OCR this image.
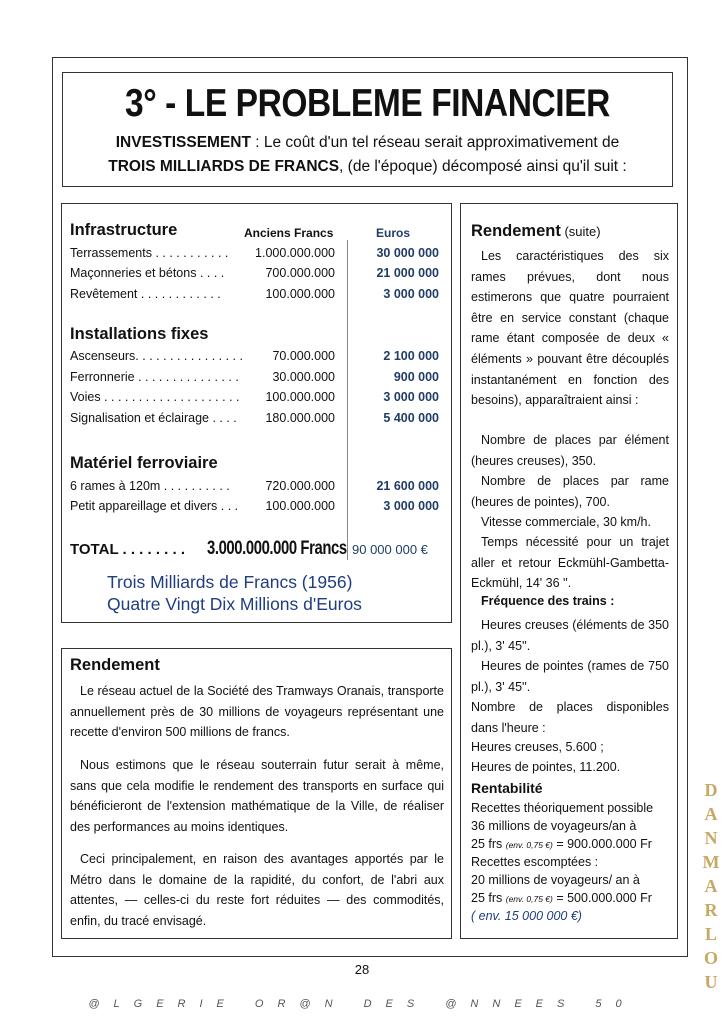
3° - LE PROBLEME FINANCIER
INVESTISSEMENT : Le coût d'un tel réseau serait approximativement de
TROIS MILLIARDS DE FRANCS, (de l'époque) décomposé ainsi qu'il suit :
Infrastructure	Anciens Francs	Euros
Terrassements . . . . . . . . . . . 1.000.000.000	30 000 000
Maçonneries et bétons . . . .	700.000.000	21 000 000
Revêtement . . . . . . . . . . . .	100.000.000	3 000 000
Installations fixes
Ascenseurs. . . . . . . . . . . . . . . . 70.000.000	2 100 000
Ferronnerie . . . . . . . . . . . . . . .	30.000.000	900 000
Voies . . . . . . . . . . . . . . . . . . . . 100.000.000	3 000 000
Signalisation et éclairage . . . . 180.000.000	5 400 000
Matériel ferroviaire
6 rames à 120m . . . . . . . . . .	720.000.000	21 600 000
Petit appareillage et divers . . . 100.000.000	3 000 000
TOTAL . . . . . . . . 3.000.000.000 Francs 90 000 000 €
Trois Milliards de Francs (1956)
Quatre Vingt Dix Millions d'Euros
Rendement
Le réseau actuel de la Société des Tramways Oranais, transporte annuellement près de 30 millions de voyageurs représentant une recette d'environ 500 millions de francs.
Nous estimons que le réseau souterrain futur serait à même, sans que cela modifie le rendement des transports en surface qui bénéficieront de l'extension mathématique de la Ville, de réaliser des performances au moins identiques.
Ceci principalement, en raison des avantages apportés par le Métro dans le domaine de la rapidité, du confort, de l'abri aux attentes, — celles-ci du reste fort réduites — des commodités, enfin, du tracé envisagé.
Rendement (suite)
Les caractéristiques des six rames prévues, dont nous estimerons que quatre pourraient être en service constant (chaque rame étant composée de deux « éléments » pouvant être découplés instantanément en fonction des besoins), apparaîtraient ainsi :
Nombre de places par élément (heures creuses), 350.
Nombre de places par rame (heures de pointes), 700.
Vitesse commerciale, 30 km/h.
Temps nécessité pour un trajet aller et retour Eckmühl-Gambetta-Eckmühl, 14' 36 ''.
Fréquence des trains :
Heures creuses (éléments de 350 pl.), 3' 45''.
Heures de pointes (rames de 750 pl.), 3' 45''.
Nombre de places disponibles dans l'heure :
Heures creuses, 5.600 ;
Heures de pointes, 11.200.
Rentabilité
Recettes théoriquement possible
36 millions de voyageurs/an à
25 frs (env. 0,75 €) = 900.000.000 Fr
Recettes escomptées :
20 millions de voyageurs/ an à
25 frs (env. 0,75 €) = 500.000.000 Fr
( env. 15 000 000 €)
28
@LGERIE OR@N DES @NNEES 50
D
A
N
M
A
R
L
O
U
